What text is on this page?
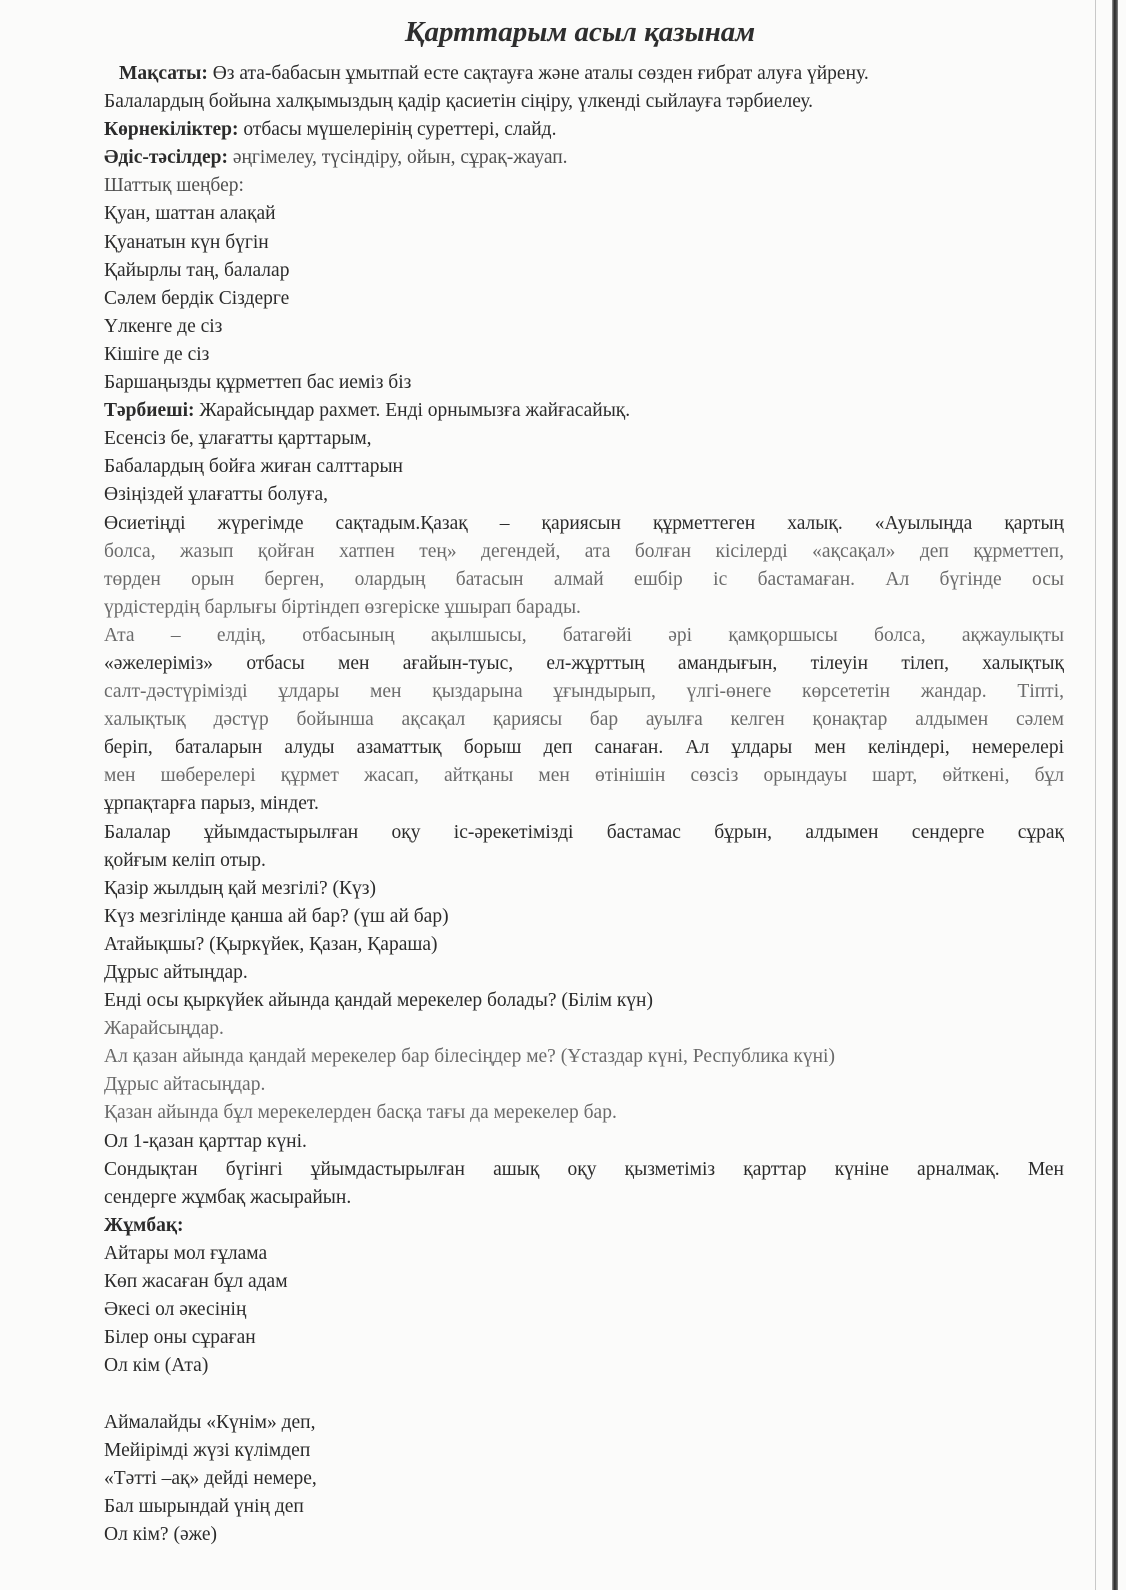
Қарттарым асыл қазынам
Мақсаты: Өз ата-бабасын ұмытпай есте сақтауға және аталы сөзден ғибрат алуға үйрену.
Балалардың бойына халқымыздың қадір қасиетін сіңіру, үлкенді сыйлауға тәрбиелеу.
Көрнекіліктер: отбасы мүшелерінің суреттері, слайд.
Әдіс-тәсілдер: әңгімелеу, түсіндіру, ойын, сұрақ-жауап.
Шаттық шеңбер:
Қуан, шаттан алақай
Қуанатын күн бүгін
Қайырлы таң, балалар
Сәлем бердік Сіздерге
Үлкенге де сіз
Кішіге де сіз
Баршаңызды құрметтеп бас иеміз біз
Тәрбиеші: Жарайсыңдар рахмет. Енді орнымызға жайғасайық.
Есенсіз бе, ұлағатты қарттарым,
Бабалардың бойға жиған салттарын
Өзіңіздей ұлағатты болуға,
Өсиетіңді жүрегімде сақтадым.Қазақ – қариясын құрметтеген халық. «Ауылыңда қартың
болса, жазып қойған хатпен тең» дегендей, ата болған кісілерді «ақсақал» деп құрметтеп,
төрден орын берген, олардың батасын алмай ешбір іс бастамаған. Ал бүгінде осы
үрдістердің барлығы біртіндеп өзгеріске ұшырап барады.
Ата – елдің, отбасының ақылшысы, батагөйі әрі қамқоршысы болса, ақжаулықты
«әжелеріміз» отбасы мен ағайын-туыс, ел-жұрттың амандығын, тілеуін тілеп, халықтық
салт-дәстүрімізді ұлдары мен қыздарына ұғындырып, үлгі-өнеге көрсететін жандар. Тіпті,
халықтық дәстүр бойынша ақсақал қариясы бар ауылға келген қонақтар алдымен сәлем
беріп, баталарын алуды азаматтық борыш деп санаған. Ал ұлдары мен келіндері, немерелері
мен шөберелері құрмет жасап, айтқаны мен өтінішін сөзсіз орындауы шарт, өйткені, бұл
ұрпақтарға парыз, міндет.
Балалар ұйымдастырылған оқу іс-әрекетімізді бастамас бұрын, алдымен сендерге сұрақ
қойғым келіп отыр.
Қазір жылдың қай мезгілі? (Күз)
Күз мезгілінде қанша ай бар? (үш ай бар)
Атайықшы? (Қыркүйек, Қазан, Қараша)
Дұрыс айтыңдар.
Енді осы қыркүйек айында қандай мерекелер болады? (Білім күн)
Жарайсыңдар.
Ал қазан айында қандай мерекелер бар білесіңдер ме? (Ұстаздар күні, Республика күні)
Дұрыс айтасыңдар.
Қазан айында бұл мерекелерден басқа тағы да мерекелер бар.
Ол 1-қазан қарттар күні.
Сондықтан бүгінгі ұйымдастырылған ашық оқу қызметіміз қарттар күніне арналмақ. Мен
сендерге жұмбақ жасырайын.
Жұмбақ:
Айтары мол ғұлама
Көп жасаған бұл адам
Әкесі ол әкесінің
Білер оны сұраған
Ол кім (Ата)
Аймалайды «Күнім» деп,
Мейірімді жүзі күлімдеп
«Тәтті –ақ» дейді немере,
Бал шырындай үнің деп
Ол кім? (әже)
